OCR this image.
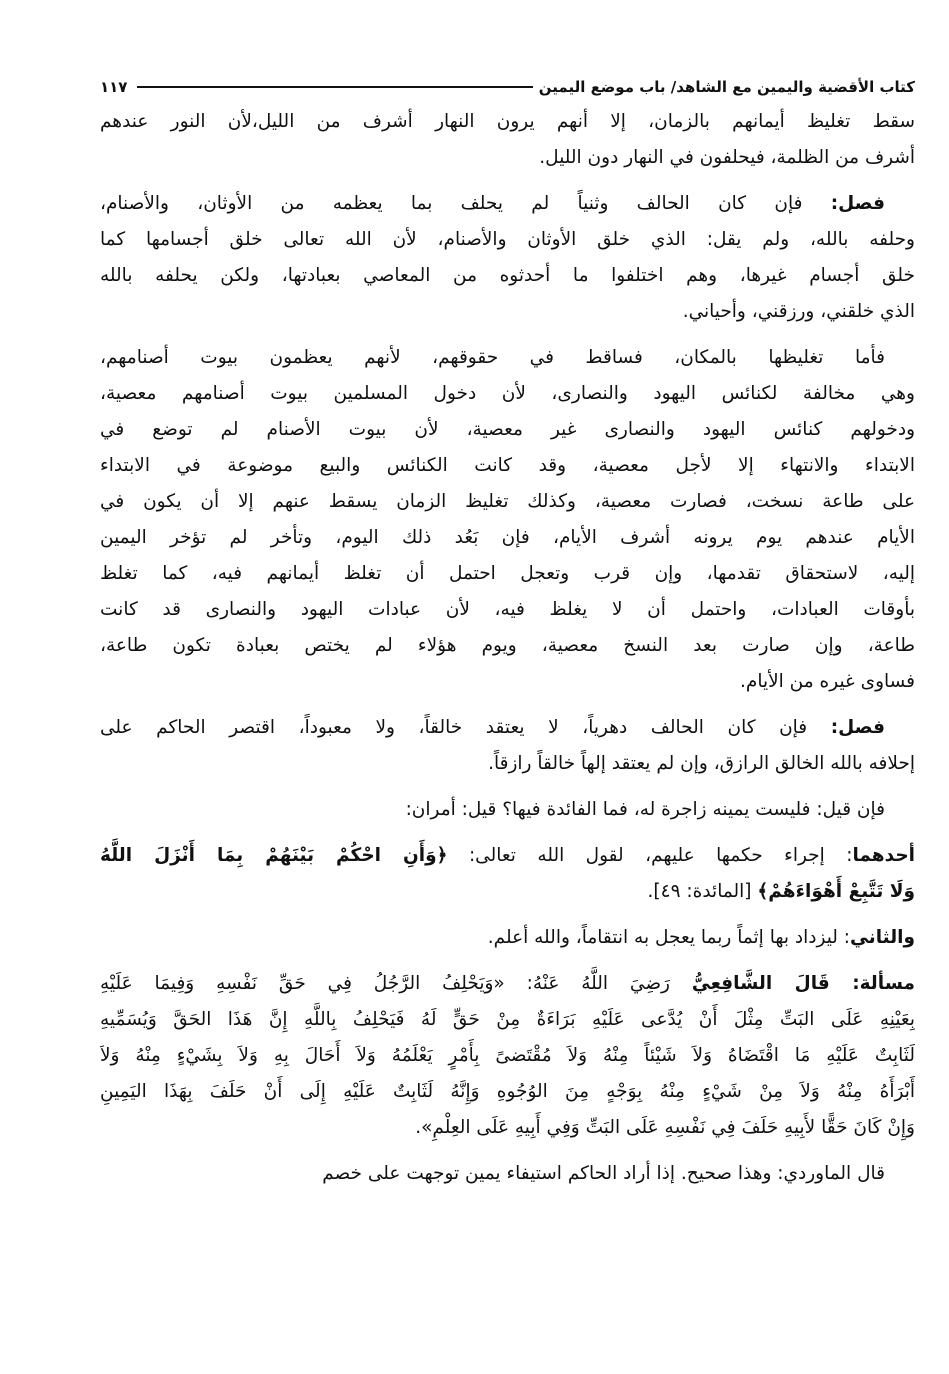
كتاب الأقضية واليمين مع الشاهد/ باب موضع اليمين
١١٧
سقط تغليظ أيمانهم بالزمان، إلا أنهم يرون النهار أشرف من الليل،لأن النور عندهم
أشرف من الظلمة، فيحلفون في النهار دون الليل.
فصل: فإن كان الحالف وثنياً لم يحلف بما يعظمه من الأوثان، والأصنام،
وحلفه بالله، ولم يقل: الذي خلق الأوثان والأصنام، لأن الله تعالى خلق أجسامها كما
خلق أجسام غيرها، وهم اختلفوا ما أحدثوه من المعاصي بعبادتها، ولكن يحلفه بالله
الذي خلقني، ورزقني، وأحياني.
فأما تغليظها بالمكان، فساقط في حقوقهم، لأنهم يعظمون بيوت أصنامهم،
وهي مخالفة لكنائس اليهود والنصارى، لأن دخول المسلمين بيوت أصنامهم معصية،
ودخولهم كنائس اليهود والنصارى غير معصية، لأن بيوت الأصنام لم توضع في
الابتداء والانتهاء إلا لأجل معصية، وقد كانت الكنائس والبيع موضوعة في الابتداء
على طاعة نسخت، فصارت معصية، وكذلك تغليظ الزمان يسقط عنهم إلا أن يكون في
الأيام عندهم يوم يرونه أشرف الأيام، فإن بَعُد ذلك اليوم، وتأخر لم تؤخر اليمين
إليه، لاستحقاق تقدمها، وإن قرب وتعجل احتمل أن تغلظ أيمانهم فيه، كما تغلظ
بأوقات العبادات، واحتمل أن لا يغلظ فيه، لأن عبادات اليهود والنصارى قد كانت
طاعة، وإن صارت بعد النسخ معصية، ويوم هؤلاء لم يختص بعبادة تكون طاعة،
فساوى غيره من الأيام.
فصل: فإن كان الحالف دهرياً، لا يعتقد خالقاً، ولا معبوداً، اقتصر الحاكم على
إحلافه بالله الخالق الرازق، وإن لم يعتقد إلهاً خالقاً رازقاً.
فإن قيل: فليست يمينه زاجرة له، فما الفائدة فيها؟ قيل: أمران:
أحدهما: إجراء حكمها عليهم، لقول الله تعالى: ﴿وَأَنِ احْكُمْ بَيْنَهُمْ بِمَا أَنْزَلَ اللَّهُ
وَلَا تَتَّبِعْ أَهْوَاءَهُمْ﴾ [المائدة: ٤٩].
والثاني: ليزداد بها إثماً ربما يعجل به انتقاماً، والله أعلم.
مسألة: قَالَ الشَّافِعِيُّ رَضِيَ اللَّهُ عَنْهُ: «وَيَحْلِفُ الرَّجُلُ فِي حَقِّ نَفْسِهِ وَفِيمَا عَلَيْهِ
بِعَيْنِهِ عَلَى البَتِّ مِثْلَ أَنْ يُدَّعى عَلَيْهِ بَرَاءَةٌ مِنْ حَقٍّ لَهُ فَيَحْلِفُ بِاللَّهِ إِنَّ هَذَا الحَقَّ وَيُسَمِّيهِ
لَثَابِتٌ عَلَيْهِ مَا اقْتَضَاهُ وَلاَ شَيْئاً مِنْهُ وَلاَ مُقْتَضىً بِأَمْرٍ يَعْلَمُهُ وَلاَ أَحَالَ بِهِ وَلاَ بِشَيْءٍ مِنْهُ وَلاَ
أَبْرَأَهُ مِنْهُ وَلاَ مِنْ شَيْءٍ مِنْهُ بِوَجْهٍ مِنَ الوُجُوهِ وَإِنَّهُ لَثَابِتٌ عَلَيْهِ إِلَى أَنْ حَلَفَ بِهَذَا اليَمِينِ
وَإِنْ كَانَ حَقًّا لأَبِيهِ حَلَفَ فِي نَفْسِهِ عَلَى البَتِّ وَفِي أَبِيهِ عَلَى العِلْمِ».
قال الماوردي: وهذا صحيح. إذا أراد الحاكم استيفاء يمين توجهت على خصم
